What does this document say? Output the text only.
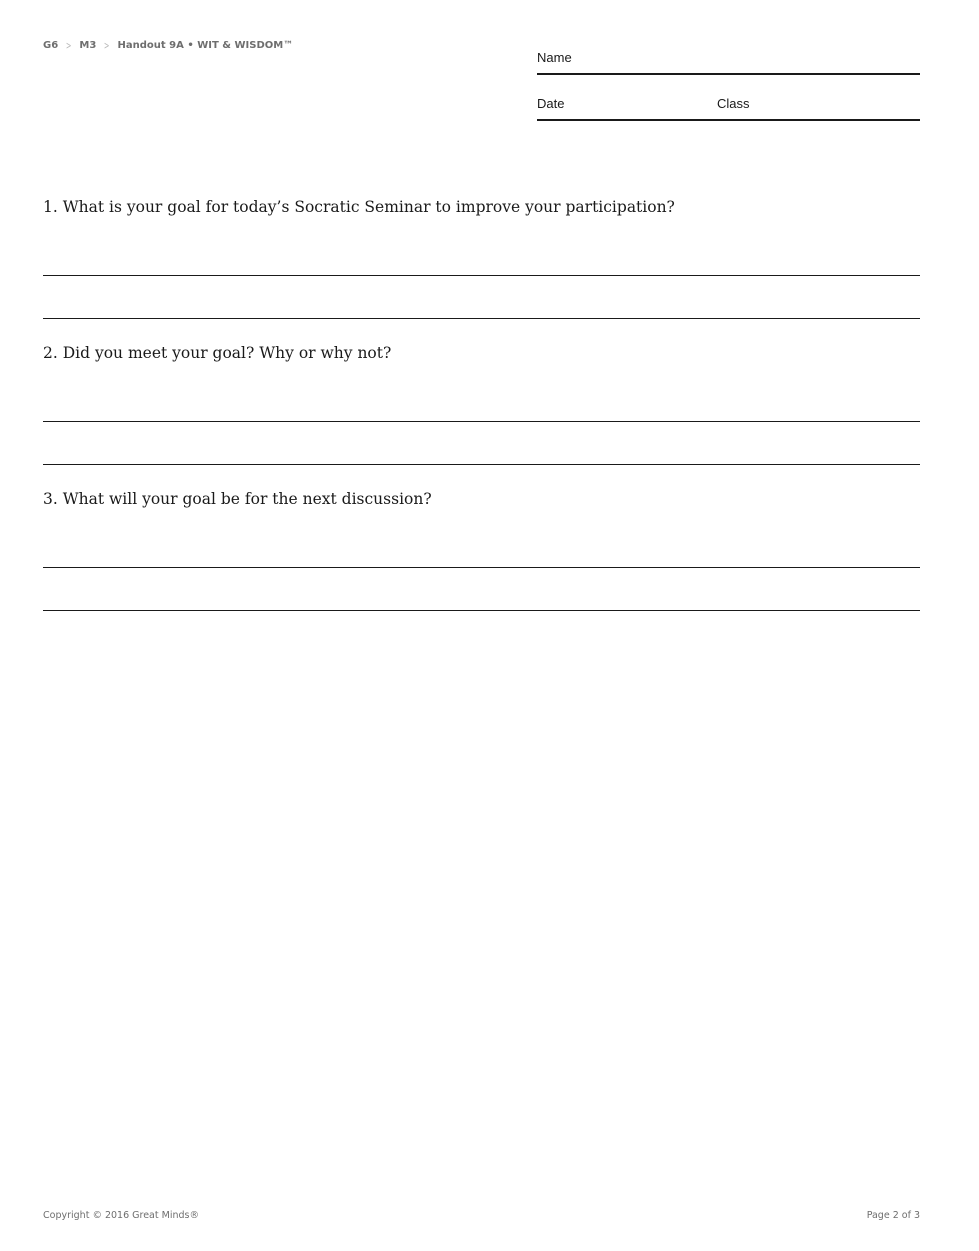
G6 > M3 > Handout 9A • WIT & WISDOM™
Name
Date	Class
1. What is your goal for today’s Socratic Seminar to improve your participation?
2. Did you meet your goal? Why or why not?
3. What will your goal be for the next discussion?
Copyright © 2016 Great Minds®	Page 2 of 3
